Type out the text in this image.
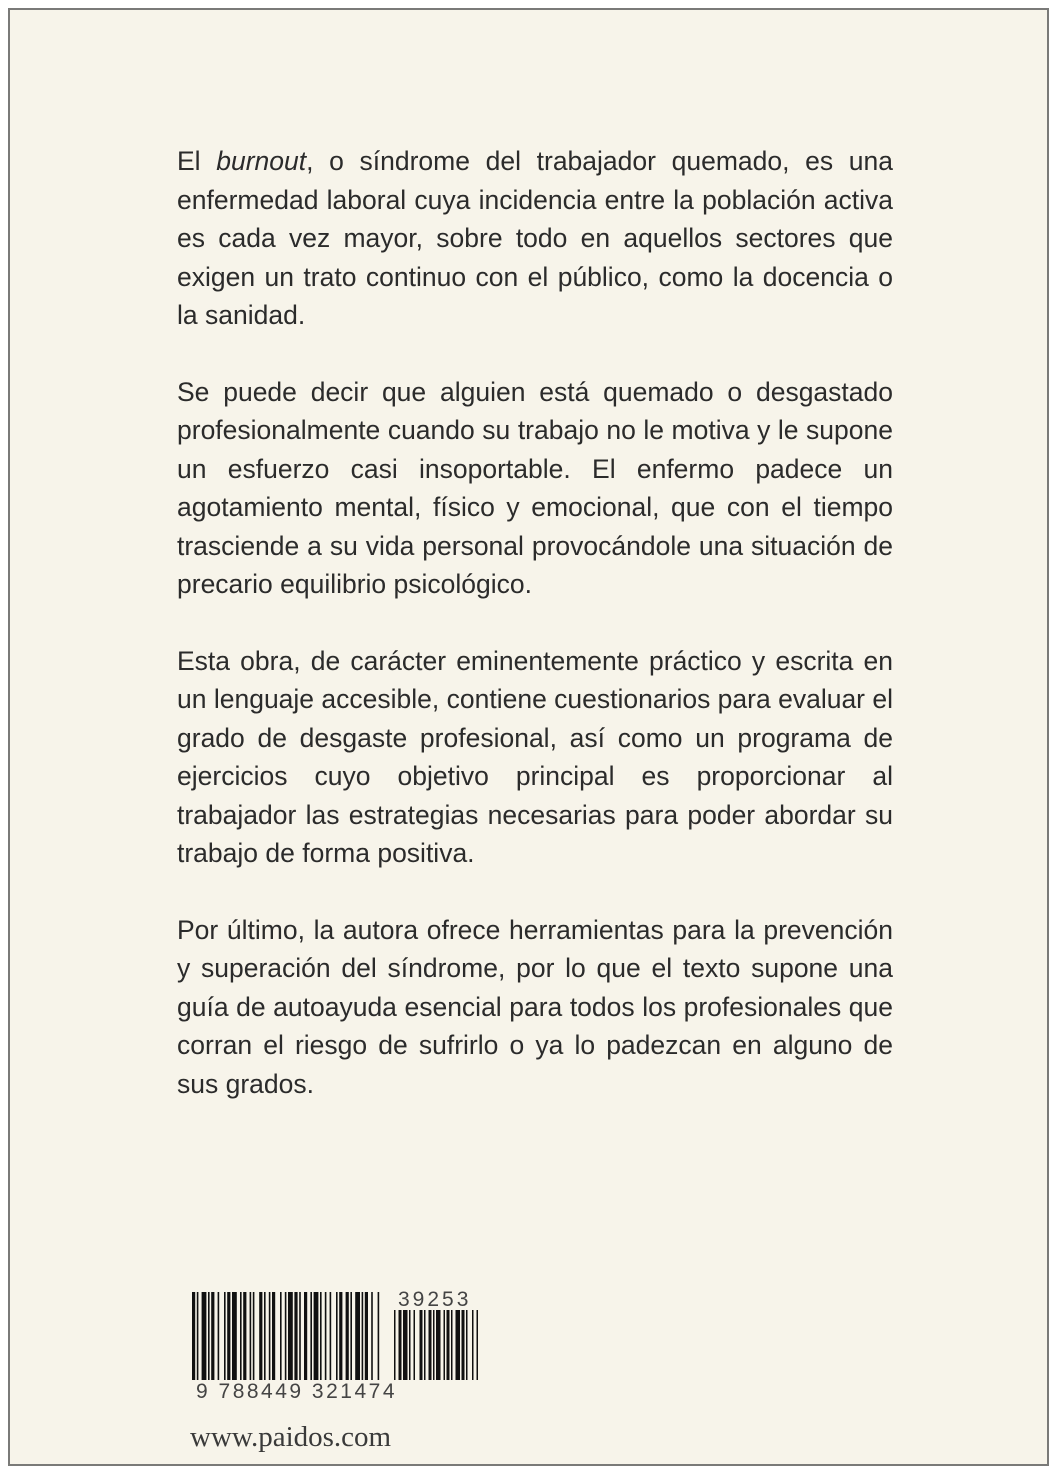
El burnout, o síndrome del trabajador quemado, es una enfermedad laboral cuya incidencia entre la población activa es cada vez mayor, sobre todo en aquellos sectores que exigen un trato continuo con el público, como la docencia o la sanidad.

Se puede decir que alguien está quemado o desgastado profesionalmente cuando su trabajo no le motiva y le supone un esfuerzo casi insoportable. El enfermo padece un agotamiento mental, físico y emocional, que con el tiempo trasciende a su vida personal provocándole una situación de precario equilibrio psicológico.

Esta obra, de carácter eminentemente práctico y escrita en un lenguaje accesible, contiene cuestionarios para evaluar el grado de desgaste profesional, así como un programa de ejercicios cuyo objetivo principal es proporcionar al trabajador las estrategias necesarias para poder abordar su trabajo de forma positiva.

Por último, la autora ofrece herramientas para la prevención y superación del síndrome, por lo que el texto supone una guía de autoayuda esencial para todos los profesionales que corran el riesgo de sufrirlo o ya lo padezcan en alguno de sus grados.

39253
9 788449 321474
www.paidos.com
